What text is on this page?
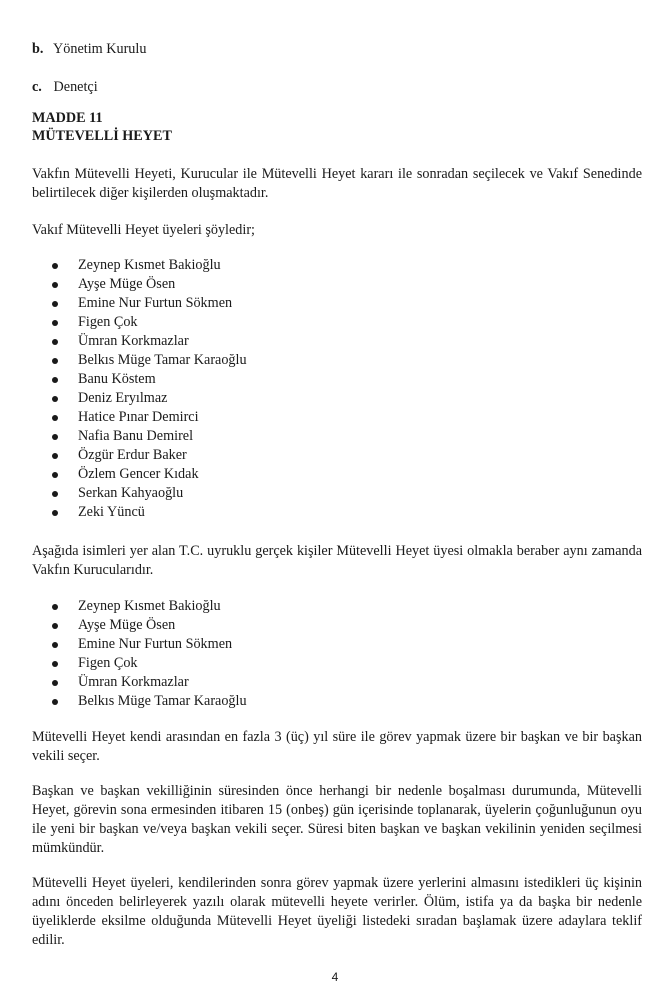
b. Yönetim Kurulu

c. Denetçi

MADDE 11
MÜTEVELLİ HEYET

Vakfın Mütevelli Heyeti, Kurucular ile Mütevelli Heyet kararı ile sonradan seçilecek ve Vakıf Senedinde belirtilecek diğer kişilerden oluşmaktadır.

Vakıf Mütevelli Heyet üyeleri şöyledir;

Zeynep Kısmet Bakioğlu
Ayşe Müge Ösen
Emine Nur Furtun Sökmen
Figen Çok
Ümran Korkmazlar
Belkıs Müge Tamar Karaoğlu
Banu Köstem
Deniz Eryılmaz
Hatice Pınar Demirci
Nafia Banu Demirel
Özgür Erdur Baker
Özlem Gencer Kıdak
Serkan Kahyaoğlu
Zeki Yüncü

Aşağıda isimleri yer alan T.C. uyruklu gerçek kişiler Mütevelli Heyet üyesi olmakla beraber aynı zamanda Vakfın Kurucularıdır.

Zeynep Kısmet Bakioğlu
Ayşe Müge Ösen
Emine Nur Furtun Sökmen
Figen Çok
Ümran Korkmazlar
Belkıs Müge Tamar Karaoğlu

Mütevelli Heyet kendi arasından en fazla 3 (üç) yıl süre ile görev yapmak üzere bir başkan ve bir başkan vekili seçer.

Başkan ve başkan vekilliğinin süresinden önce herhangi bir nedenle boşalması durumunda, Mütevelli Heyet, görevin sona ermesinden itibaren 15 (onbeş) gün içerisinde toplanarak, üyelerin çoğunluğunun oyu ile yeni bir başkan ve/veya başkan vekili seçer. Süresi biten başkan ve başkan vekilinin yeniden seçilmesi mümkündür.

Mütevelli Heyet üyeleri, kendilerinden sonra görev yapmak üzere yerlerini almasını istedikleri üç kişinin adını önceden belirleyerek yazılı olarak mütevelli heyete verirler. Ölüm, istifa ya da başka bir nedenle üyeliklerde eksilme olduğunda Mütevelli Heyet üyeliği listedeki sıradan başlamak üzere adaylara teklif edilir.

4
